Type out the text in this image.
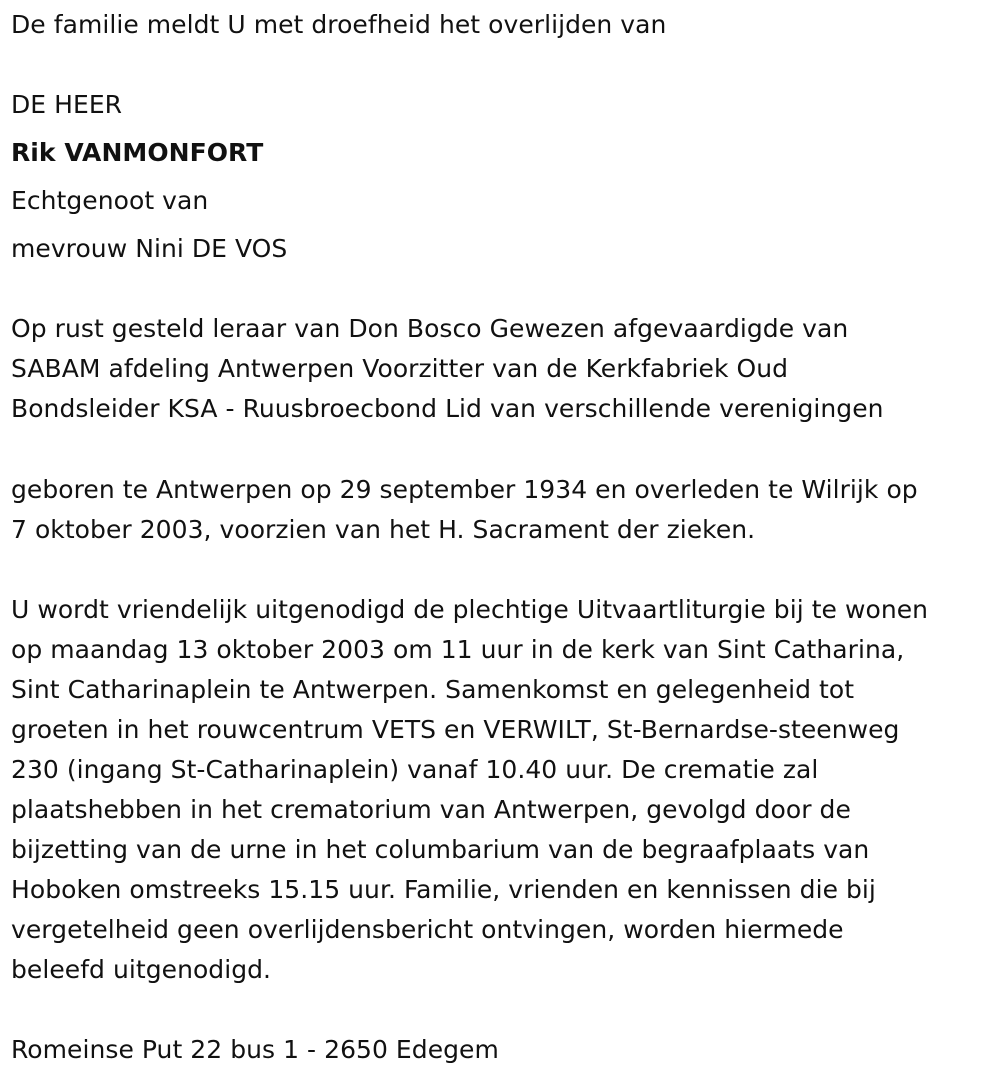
De familie meldt U met droefheid het overlijden van
DE HEER
Rik VANMONFORT
Echtgenoot van
mevrouw Nini DE VOS
Op rust gesteld leraar van Don Bosco Gewezen afgevaardigde van
SABAM afdeling Antwerpen Voorzitter van de Kerkfabriek Oud
Bondsleider KSA - Ruusbroecbond Lid van verschillende verenigingen
geboren te Antwerpen op 29 september 1934 en overleden te Wilrijk op
7 oktober 2003, voorzien van het H. Sacrament der zieken.
U wordt vriendelijk uitgenodigd de plechtige Uitvaartliturgie bij te wonen
op maandag 13 oktober 2003 om 11 uur in de kerk van Sint Catharina,
Sint Catharinaplein te Antwerpen. Samenkomst en gelegenheid tot
groeten in het rouwcentrum VETS en VERWILT, St-Bernardse-steenweg
230 (ingang St-Catharinaplein) vanaf 10.40 uur. De crematie zal
plaatshebben in het crematorium van Antwerpen, gevolgd door de
bijzetting van de urne in het columbarium van de begraafplaats van
Hoboken omstreeks 15.15 uur. Familie, vrienden en kennissen die bij
vergetelheid geen overlijdensbericht ontvingen, worden hiermede
beleefd uitgenodigd.
Romeinse Put 22 bus 1 - 2650 Edegem
